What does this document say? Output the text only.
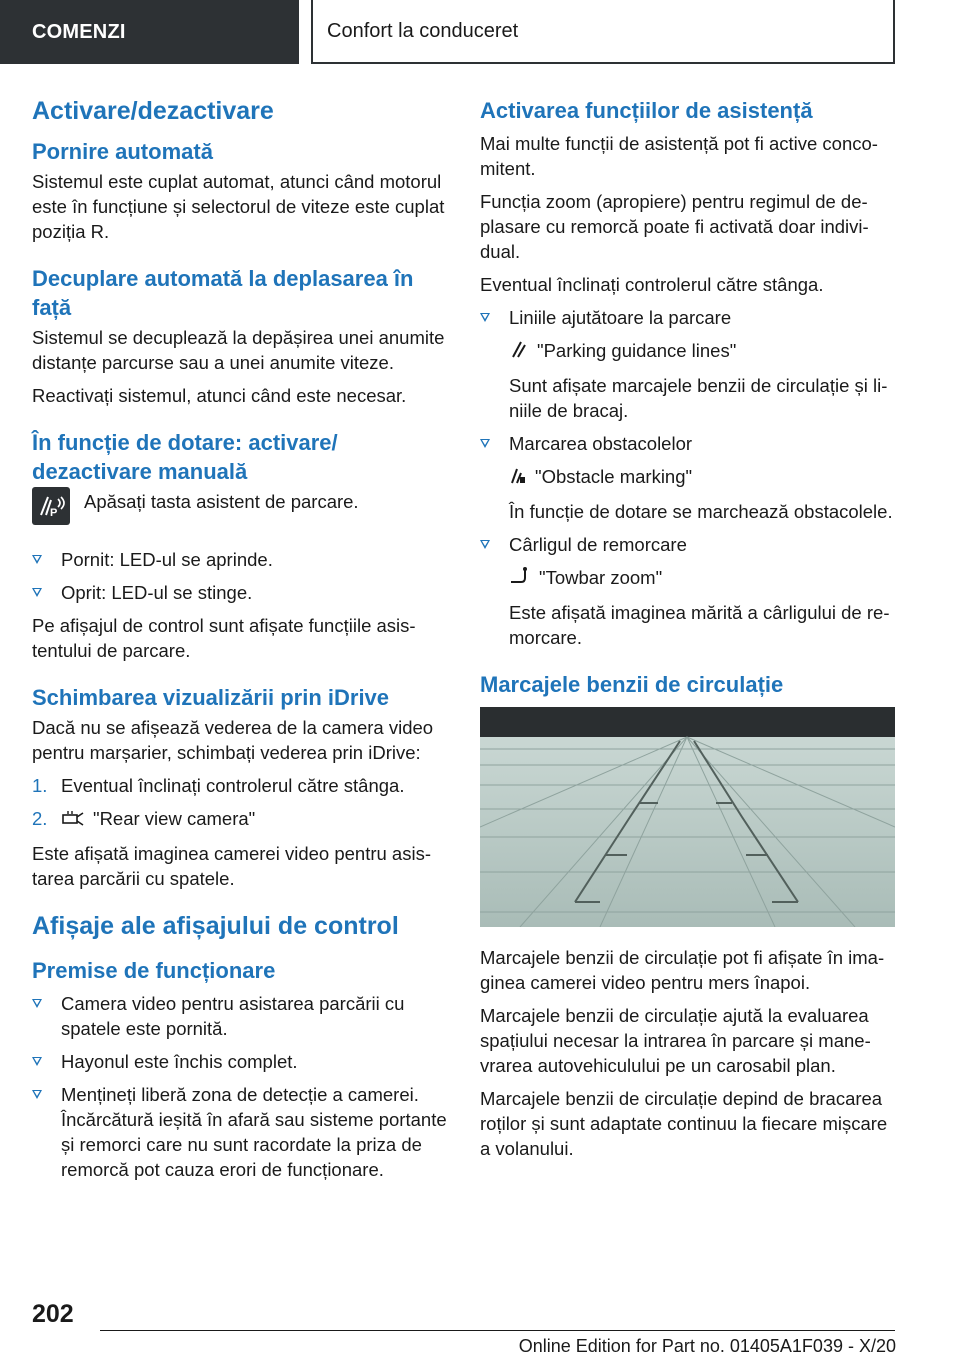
COMENZI	Confort la conduceret
Activare/dezactivare
Pornire automată

Sistemul este cuplat automat, atunci când motorul este în funcțiune și selectorul de viteze este cuplat poziția R.

Decuplare automată la deplasarea în față

Sistemul se decuplează la depășirea unei anumite distanțe parcurse sau a unei anumite viteze.

Reactivați sistemul, atunci când este necesar.

În funcție de dotare: activare/ dezactivare manuală
P
Apăsați tasta asistent de parcare.
Pornit: LED-ul se aprinde.
Oprit: LED-ul se stinge.

Pe afișajul de control sunt afișate funcțiile asistentului de parcare.

Schimbarea vizualizării prin iDrive

Dacă nu se afișează vederea de la camera video pentru marșarier, schimbați vederea prin iDrive:

1. Eventual înclinați controlerul către stânga.
2. "Rear view camera"

Este afișată imaginea camerei video pentru asistarea parcării cu spatele.

Afișaje ale afișajului de control
Premise de funcționare
Camera video pentru asistarea parcării cu spatele este pornită.
Hayonul este închis complet.
Mențineți liberă zona de detecție a camerei. Încărcătură ieșită în afară sau sisteme portante și remorci care nu sunt racordate la priza de remorcă pot cauza erori de funcționare.
Activarea funcțiilor de asistență

Mai multe funcții de asistență pot fi active concomitent.

Funcția zoom (apropiere) pentru regimul de deplasare cu remorcă poate fi activată doar individual.

Eventual înclinați controlerul către stânga.

Liniile ajutătoare la parcare
"Parking guidance lines"
Sunt afișate marcajele benzii de circulație și liniile de bracaj.
Marcarea obstacolelor
"Obstacle marking"
În funcție de dotare se marchează obstacolele.
Cârligul de remorcare
"Towbar zoom"
Este afișată imaginea mărită a cârligului de remorcare.
Marcajele benzii de circulație

Marcajele benzii de circulație pot fi afișate în imaginea camerei video pentru mers înapoi.

Marcajele benzii de circulație ajută la evaluarea spațiului necesar la intrarea în parcare și manevrarea autovehiculului pe un carosabil plan.

Marcajele benzii de circulație depind de bracarea roților și sunt adaptate continuu la fiecare mișcare a volanului.

202
Online Edition for Part no. 01405A1F039 - X/20
